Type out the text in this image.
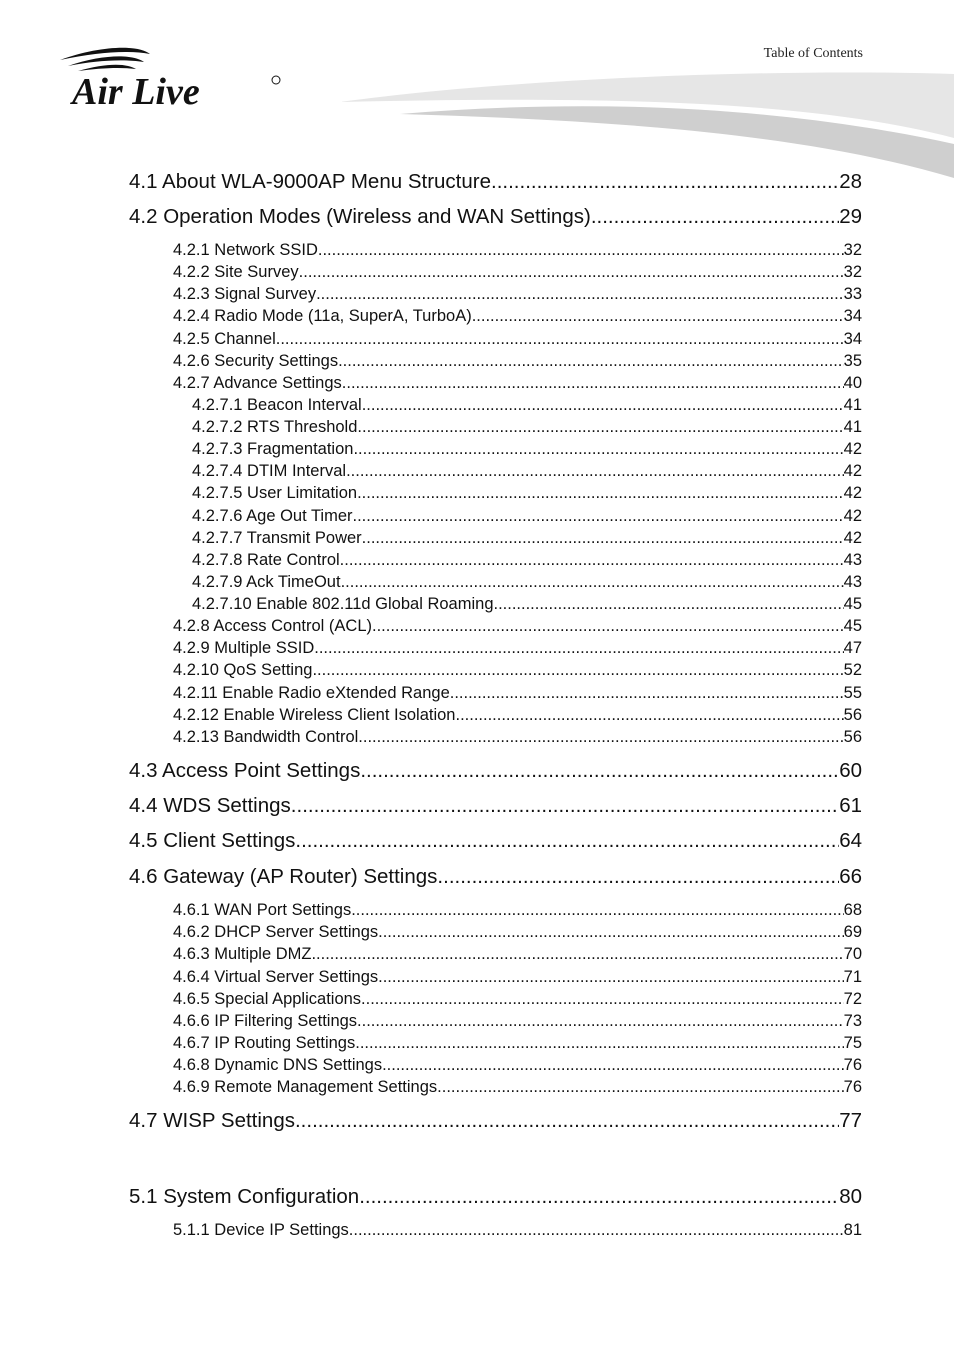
Table of Contents
Air Live
4.1 About WLA-9000AP Menu Structure .....	28
4.2 Operation Modes (Wireless and WAN Settings) .....	29
4.2.1 Network SSID .....	32
4.2.2 Site Survey .....	32
4.2.3 Signal Survey .....	33
4.2.4 Radio Mode (11a, SuperA, TurboA) .....	34
4.2.5 Channel .....	34
4.2.6 Security Settings .....	35
4.2.7 Advance Settings .....	40
4.2.7.1 Beacon Interval .....	41
4.2.7.2 RTS Threshold .....	41
4.2.7.3 Fragmentation .....	42
4.2.7.4 DTIM Interval .....	42
4.2.7.5 User Limitation .....	42
4.2.7.6 Age Out Timer .....	42
4.2.7.7 Transmit Power .....	42
4.2.7.8 Rate Control .....	43
4.2.7.9 Ack TimeOut .....	43
4.2.7.10 Enable 802.11d Global Roaming .....	45
4.2.8 Access Control (ACL) .....	45
4.2.9 Multiple SSID .....	47
4.2.10 QoS Setting .....	52
4.2.11 Enable Radio eXtended Range .....	55
4.2.12 Enable Wireless Client Isolation .....	56
4.2.13 Bandwidth Control .....	56
4.3 Access Point Settings .....	60
4.4 WDS Settings .....	61
4.5 Client Settings .....	64
4.6 Gateway (AP Router) Settings .....	66
4.6.1 WAN Port Settings .....	68
4.6.2 DHCP Server Settings .....	69
4.6.3 Multiple DMZ .....	70
4.6.4 Virtual Server Settings .....	71
4.6.5 Special Applications .....	72
4.6.6 IP Filtering Settings .....	73
4.6.7 IP Routing Settings .....	75
4.6.8 Dynamic DNS Settings .....	76
4.6.9 Remote Management Settings .....	76
4.7 WISP Settings .....	77
5.1 System Configuration .....	80
5.1.1 Device IP Settings .....	81
